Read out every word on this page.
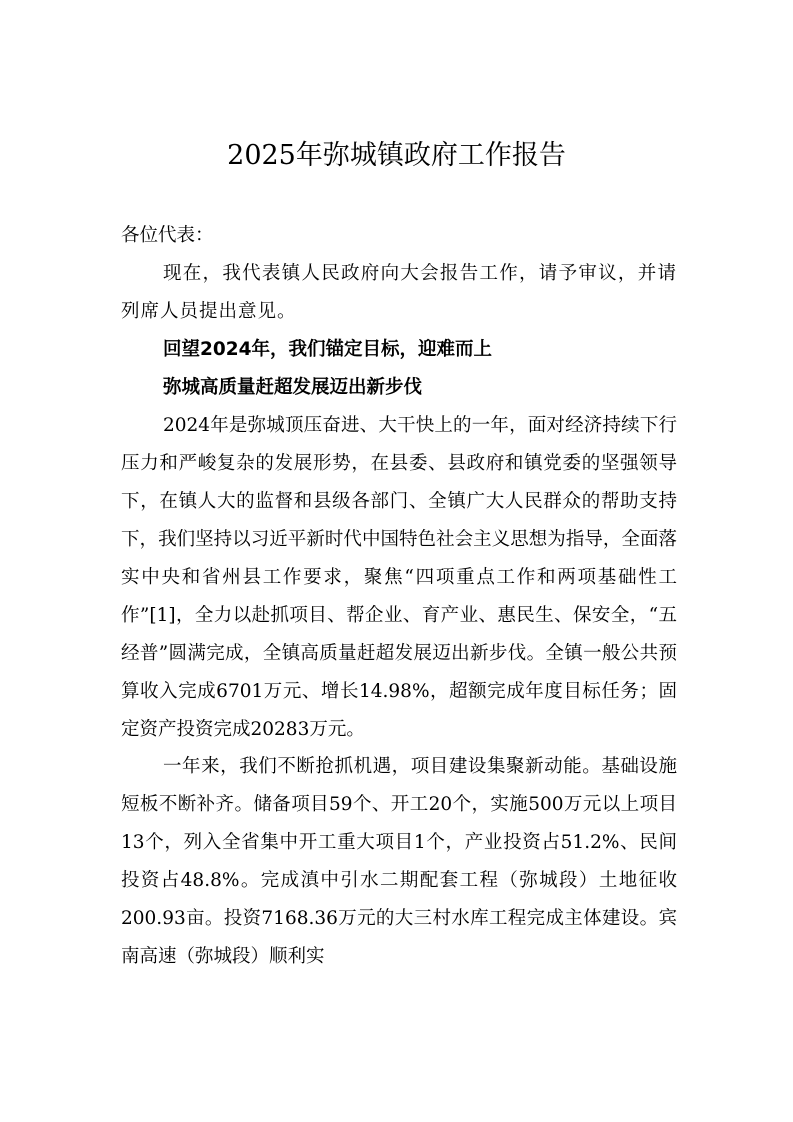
2025年弥城镇政府工作报告
各位代表：
现在，我代表镇人民政府向大会报告工作，请予审议，并请列席人员提出意见。
回望2024年，我们锚定目标，迎难而上
弥城高质量赶超发展迈出新步伐
2024年是弥城顶压奋进、大干快上的一年，面对经济持续下行压力和严峻复杂的发展形势，在县委、县政府和镇党委的坚强领导下，在镇人大的监督和县级各部门、全镇广大人民群众的帮助支持下，我们坚持以习近平新时代中国特色社会主义思想为指导，全面落实中央和省州县工作要求，聚焦“四项重点工作和两项基础性工作”[1]，全力以赴抓项目、帮企业、育产业、惠民生、保安全，“五经普”圆满完成，全镇高质量赶超发展迈出新步伐。全镇一般公共预算收入完成6701万元、增长14.98%，超额完成年度目标任务；固定资产投资完成20283万元。
一年来，我们不断抢抓机遇，项目建设集聚新动能。基础设施短板不断补齐。储备项目59个、开工20个，实施500万元以上项目13个，列入全省集中开工重大项目1个，产业投资占51.2%、民间投资占48.8%。完成滇中引水二期配套工程（弥城段）土地征收200.93亩。投资7168.36万元的大三村水库工程完成主体建设。宾南高速（弥城段）顺利实
